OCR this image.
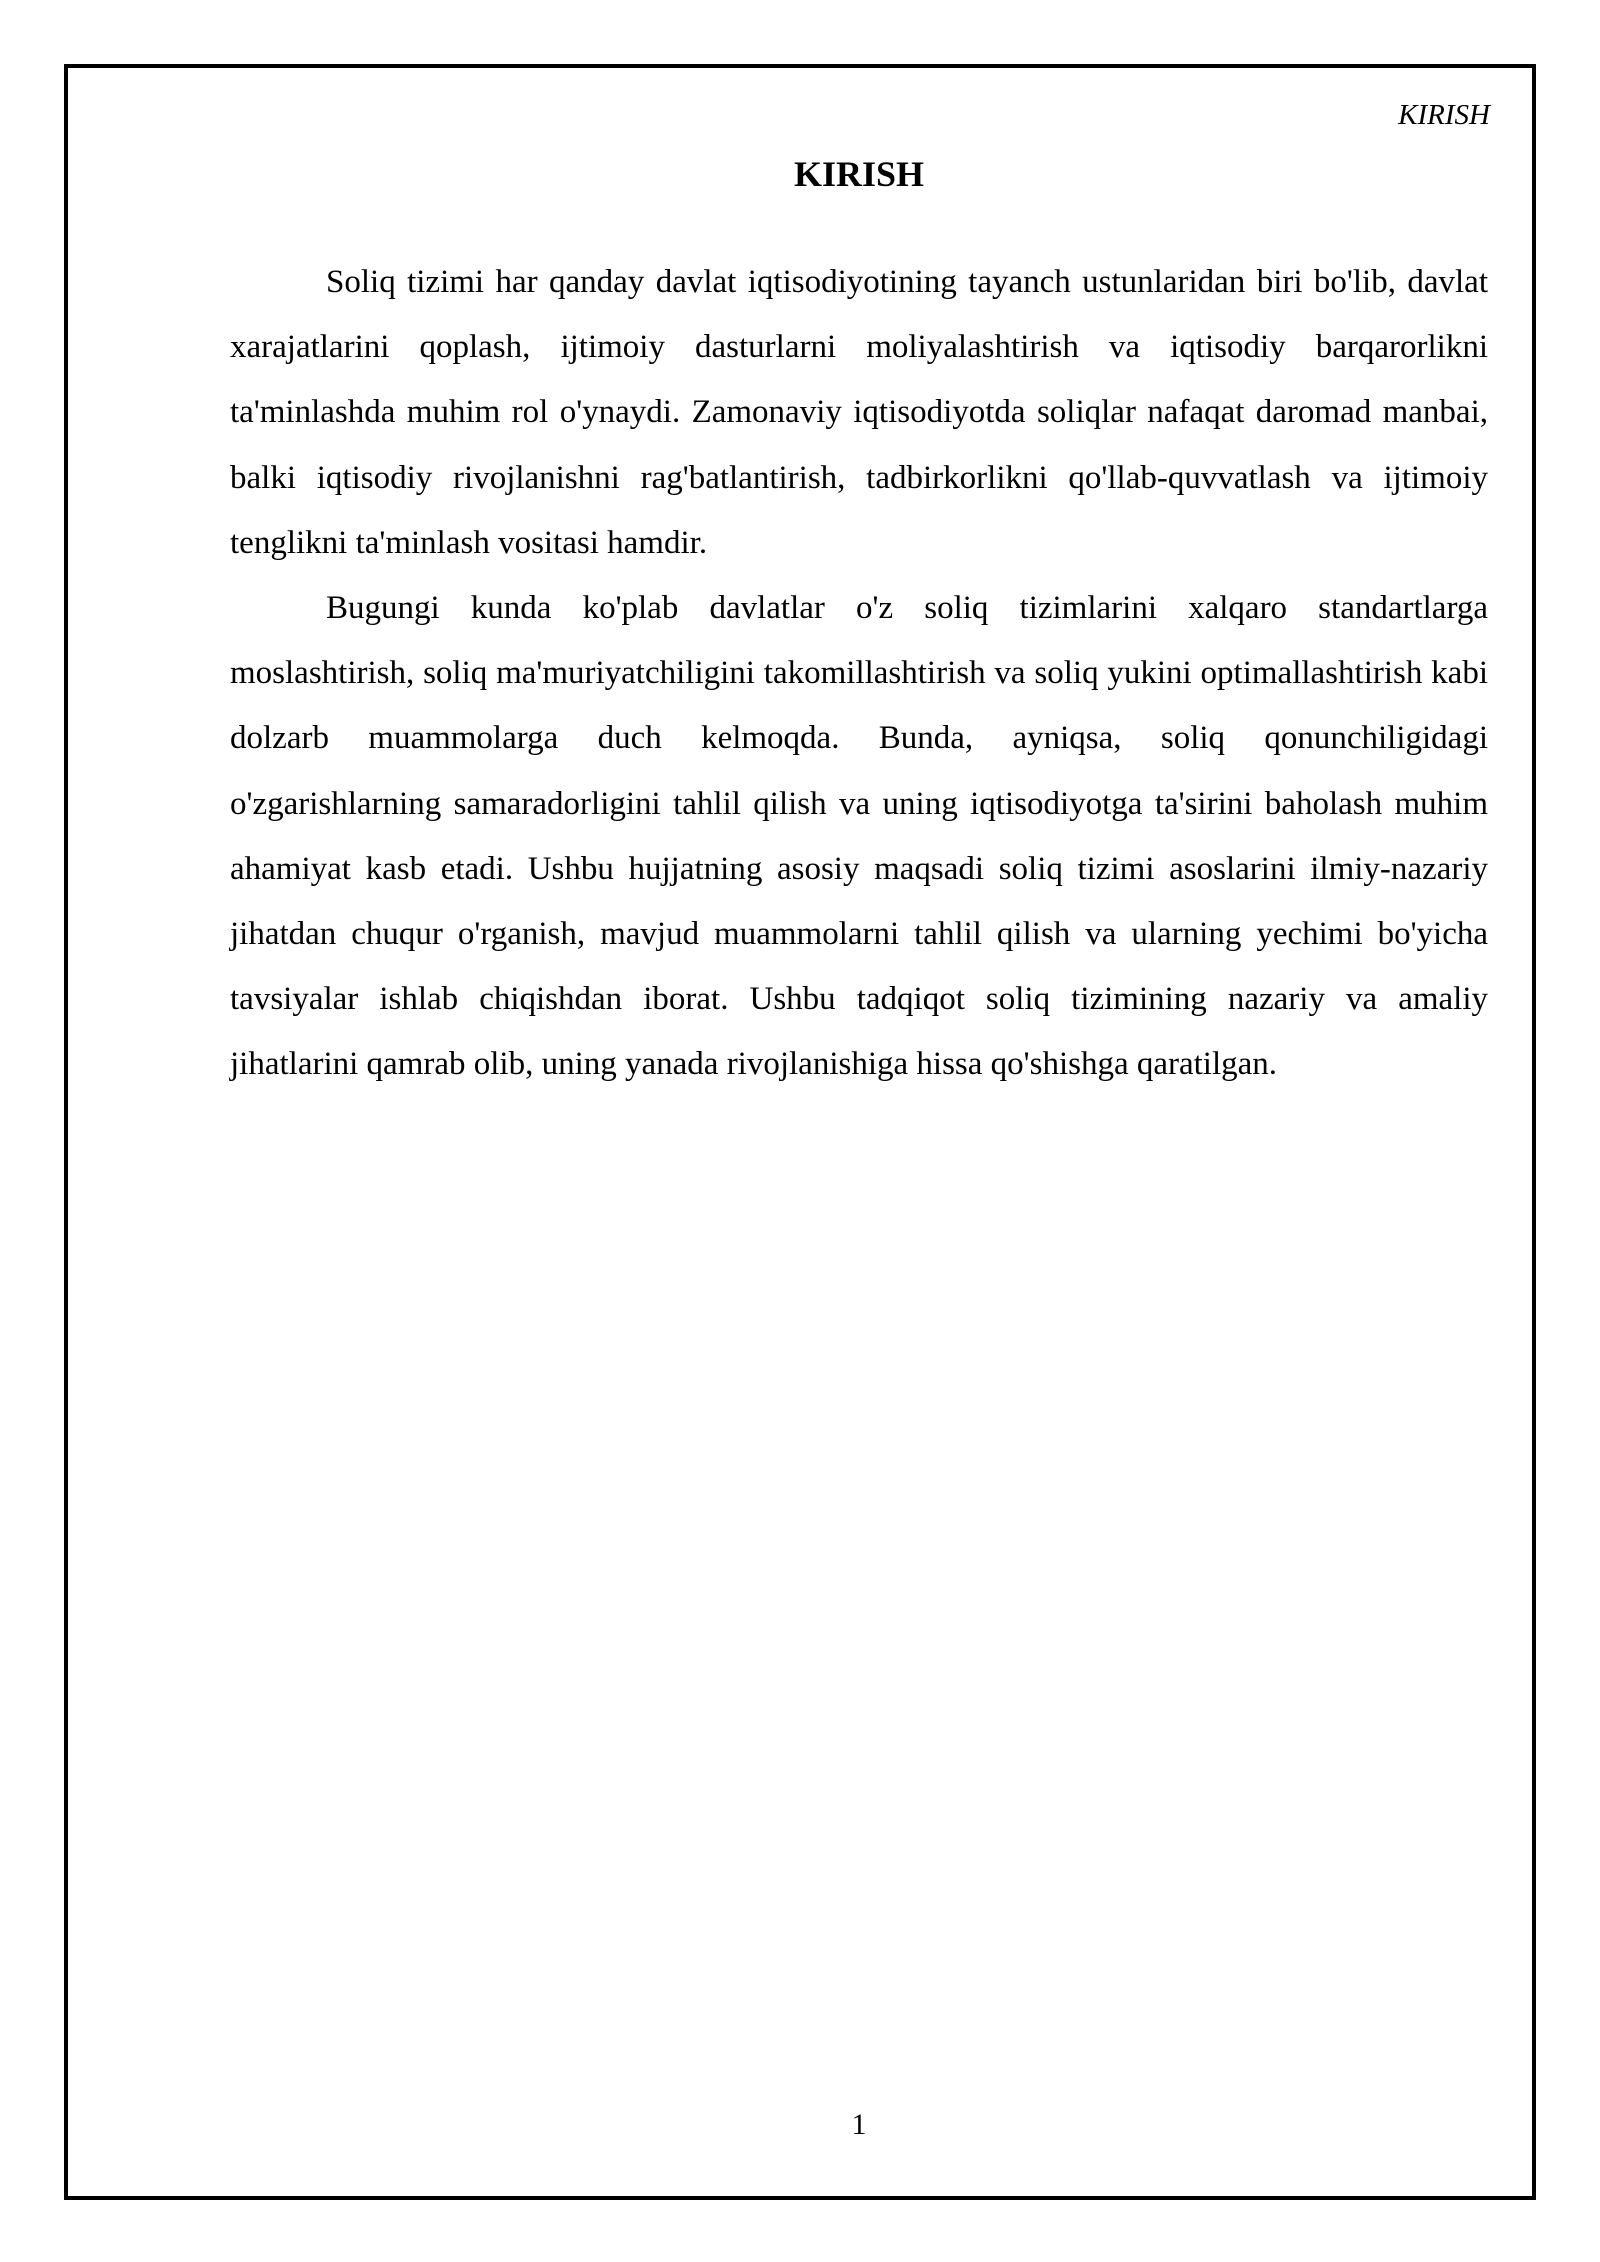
KIRISH
KIRISH

Soliq tizimi har qanday davlat iqtisodiyotining tayanch ustunlaridan biri bo'lib, davlat xarajatlarini qoplash, ijtimoiy dasturlarni moliyalashtirish va iqtisodiy barqarorlikni ta'minlashda muhim rol o'ynaydi. Zamonaviy iqtisodiyotda soliqlar nafaqat daromad manbai, balki iqtisodiy rivojlanishni rag'batlantirish, tadbirkorlikni qo'llab-quvvatlash va ijtimoiy tenglikni ta'minlash vositasi hamdir.

Bugungi kunda ko'plab davlatlar o'z soliq tizimlarini xalqaro standartlarga moslashtirish, soliq ma'muriyatchiligini takomillashtirish va soliq yukini optimallashtirish kabi dolzarb muammolarga duch kelmoqda. Bunda, ayniqsa, soliq qonunchiligidagi o'zgarishlarning samaradorligini tahlil qilish va uning iqtisodiyotga ta'sirini baholash muhim ahamiyat kasb etadi. Ushbu hujjatning asosiy maqsadi soliq tizimi asoslarini ilmiy-nazariy jihatdan chuqur o'rganish, mavjud muammolarni tahlil qilish va ularning yechimi bo'yicha tavsiyalar ishlab chiqishdan iborat. Ushbu tadqiqot soliq tizimining nazariy va amaliy jihatlarini qamrab olib, uning yanada rivojlanishiga hissa qo'shishga qaratilgan.

1
